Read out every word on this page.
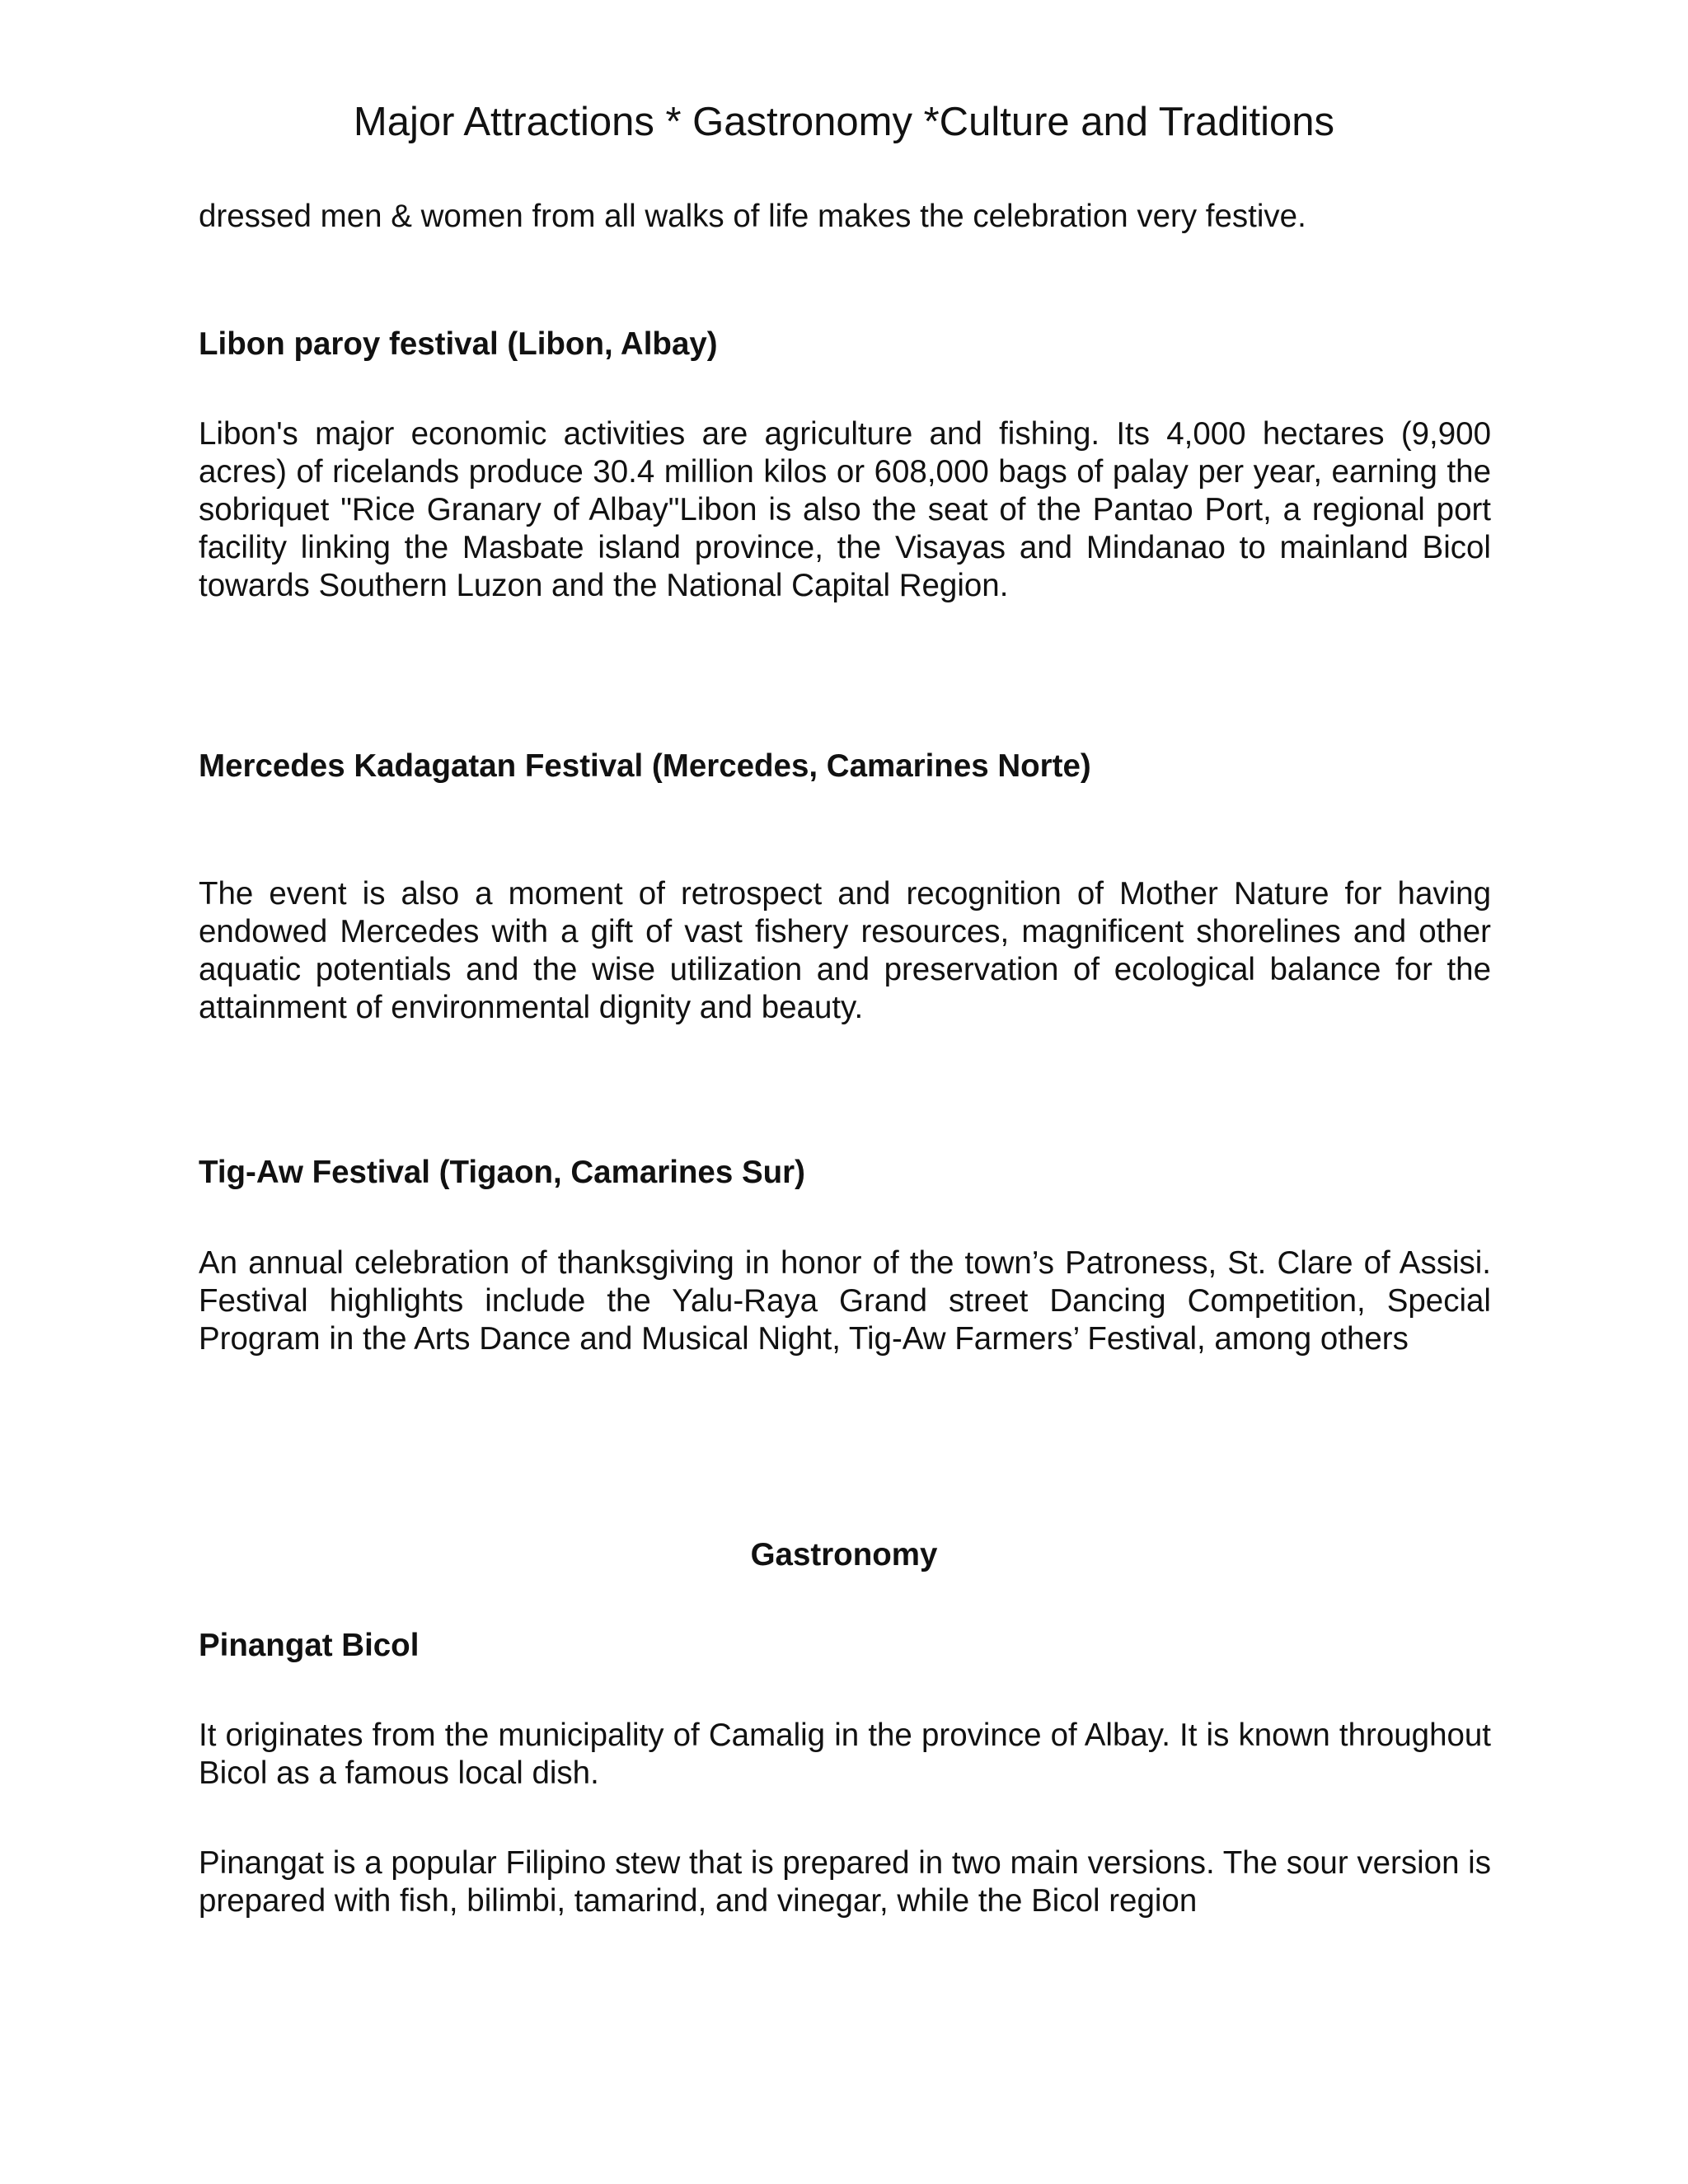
Major Attractions * Gastronomy *Culture and Traditions

dressed men & women from all walks of life makes the celebration very festive.

Libon paroy festival (Libon, Albay)

Libon's major economic activities are agriculture and fishing. Its 4,000 hectares (9,900 acres) of ricelands produce 30.4 million kilos or 608,000 bags of palay per year, earning the sobriquet "Rice Granary of Albay"Libon is also the seat of the Pantao Port, a regional port facility linking the Masbate island province, the Visayas and Mindanao to mainland Bicol towards Southern Luzon and the National Capital Region.

Mercedes Kadagatan Festival (Mercedes, Camarines Norte)

The event is also a moment of retrospect and recognition of Mother Nature for having endowed Mercedes with a gift of vast fishery resources, magnificent shorelines and other aquatic potentials and the wise utilization and preservation of ecological balance for the attainment of environmental dignity and beauty.

Tig-Aw Festival (Tigaon, Camarines Sur)

An annual celebration of thanksgiving in honor of the town’s Patroness, St. Clare of Assisi. Festival highlights include the Yalu-Raya Grand street Dancing Competition, Special Program in the Arts Dance and Musical Night, Tig-Aw Farmers’ Festival, among others

Gastronomy

Pinangat Bicol

It originates from the municipality of Camalig in the province of Albay. It is known throughout Bicol as a famous local dish.

Pinangat is a popular Filipino stew that is prepared in two main versions. The sour version is prepared with fish, bilimbi, tamarind, and vinegar, while the Bicol region
